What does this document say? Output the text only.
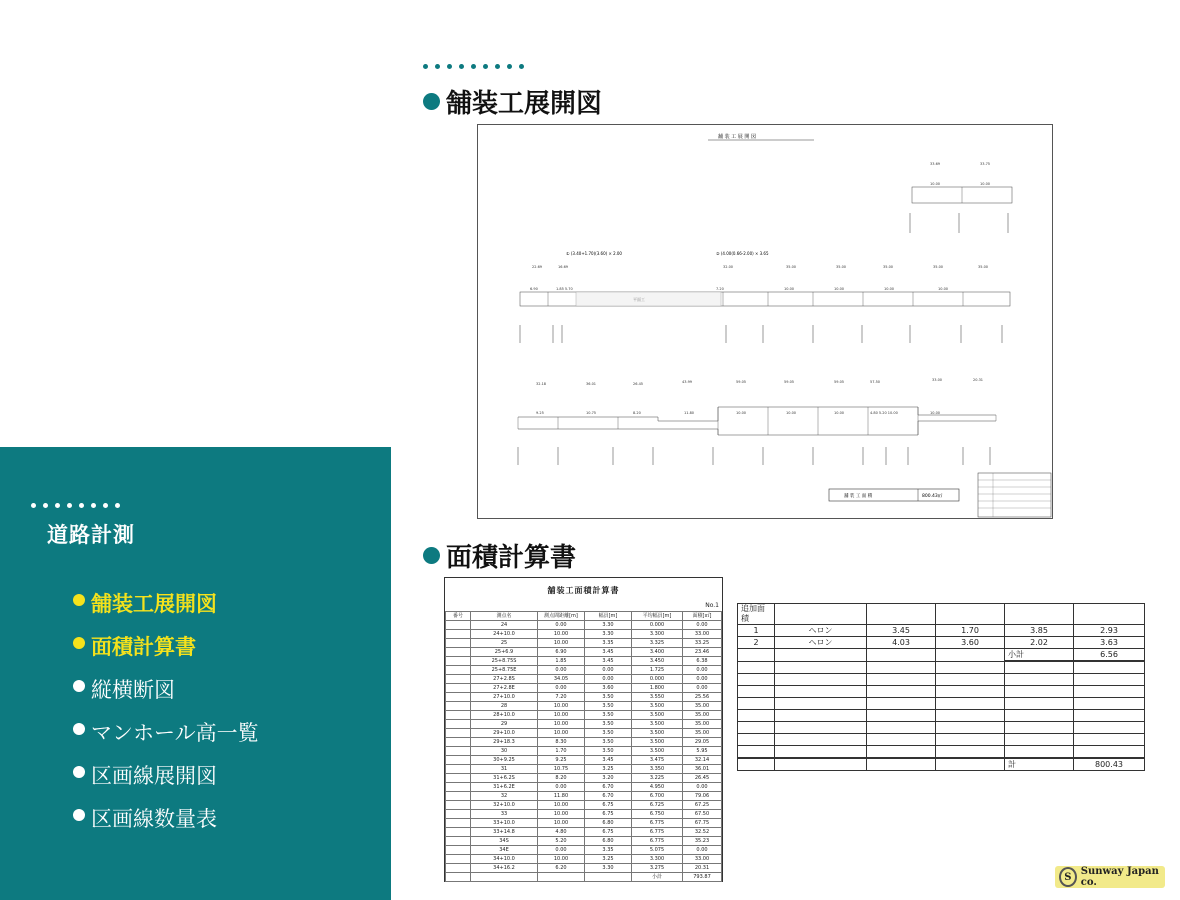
舗装工展開図
舗 装 工 展 開 図
33.69	33.75
10.00	10.00
① (3.40+1.70)(3.60) × 2.00	② (4.00(0.66-2.00) × 3.65
平面工
22.69	16.69	32.00	35.00	35.00	35.00	35.00	35.00
6.90	1.85 5.70	7.20	10.00	10.00	10.00	10.00
32.18	36.01	26.45	43.99	59.05	59.05	59.05	57.50	33.00	20.31
9.25	10.75	8.20	11.80	10.00	10.00	10.00	4.80 5.20 10.00	10.00
舗 装 工 面 積	800.43㎡
面積計算書
舗装工面積計算書
No.1
番号	測点名	測点間距離[m]	幅員[m]	平均幅員[m]	面積[㎡]
	24	0.00	3.30	0.000	0.00
	24+10.0	10.00	3.30	3.300	33.00
	25	10.00	3.35	3.325	33.25
	25+6.9	6.90	3.45	3.400	23.46
	25+8.75S	1.85	3.45	3.450	6.38
	25+8.75E	0.00	0.00	1.725	0.00
	27+2.8S	34.05	0.00	0.000	0.00
	27+2.8E	0.00	3.60	1.800	0.00
	27+10.0	7.20	3.50	3.550	25.56
	28	10.00	3.50	3.500	35.00
	28+10.0	10.00	3.50	3.500	35.00
	29	10.00	3.50	3.500	35.00
	29+10.0	10.00	3.50	3.500	35.00
	29+18.3	8.30	3.50	3.500	29.05
	30	1.70	3.50	3.500	5.95
	30+9.25	9.25	3.45	3.475	32.14
	31	10.75	3.25	3.350	36.01
	31+6.2S	8.20	3.20	3.225	26.45
	31+6.2E	0.00	6.70	4.950	0.00
	32	11.80	6.70	6.700	79.06
	32+10.0	10.00	6.75	6.725	67.25
	33	10.00	6.75	6.750	67.50
	33+10.0	10.00	6.80	6.775	67.75
	33+14.8	4.80	6.75	6.775	32.52
	34S	5.20	6.80	6.775	35.23
	34E	0.00	3.35	5.075	0.00
	34+10.0	10.00	3.25	3.300	33.00
	34+16.2	6.20	3.30	3.275	20.31
				小計	793.87
追加面積					
1	ヘロン	3.45	1.70	3.85	2.93
2	ヘロン	4.03	3.60	2.02	3.63
				小計	6.56

				計	800.43
道路計測
舗装工展開図
面積計算書
縦横断図
マンホール高一覧
区画線展開図
区画線数量表
S Sunway Japan co.
